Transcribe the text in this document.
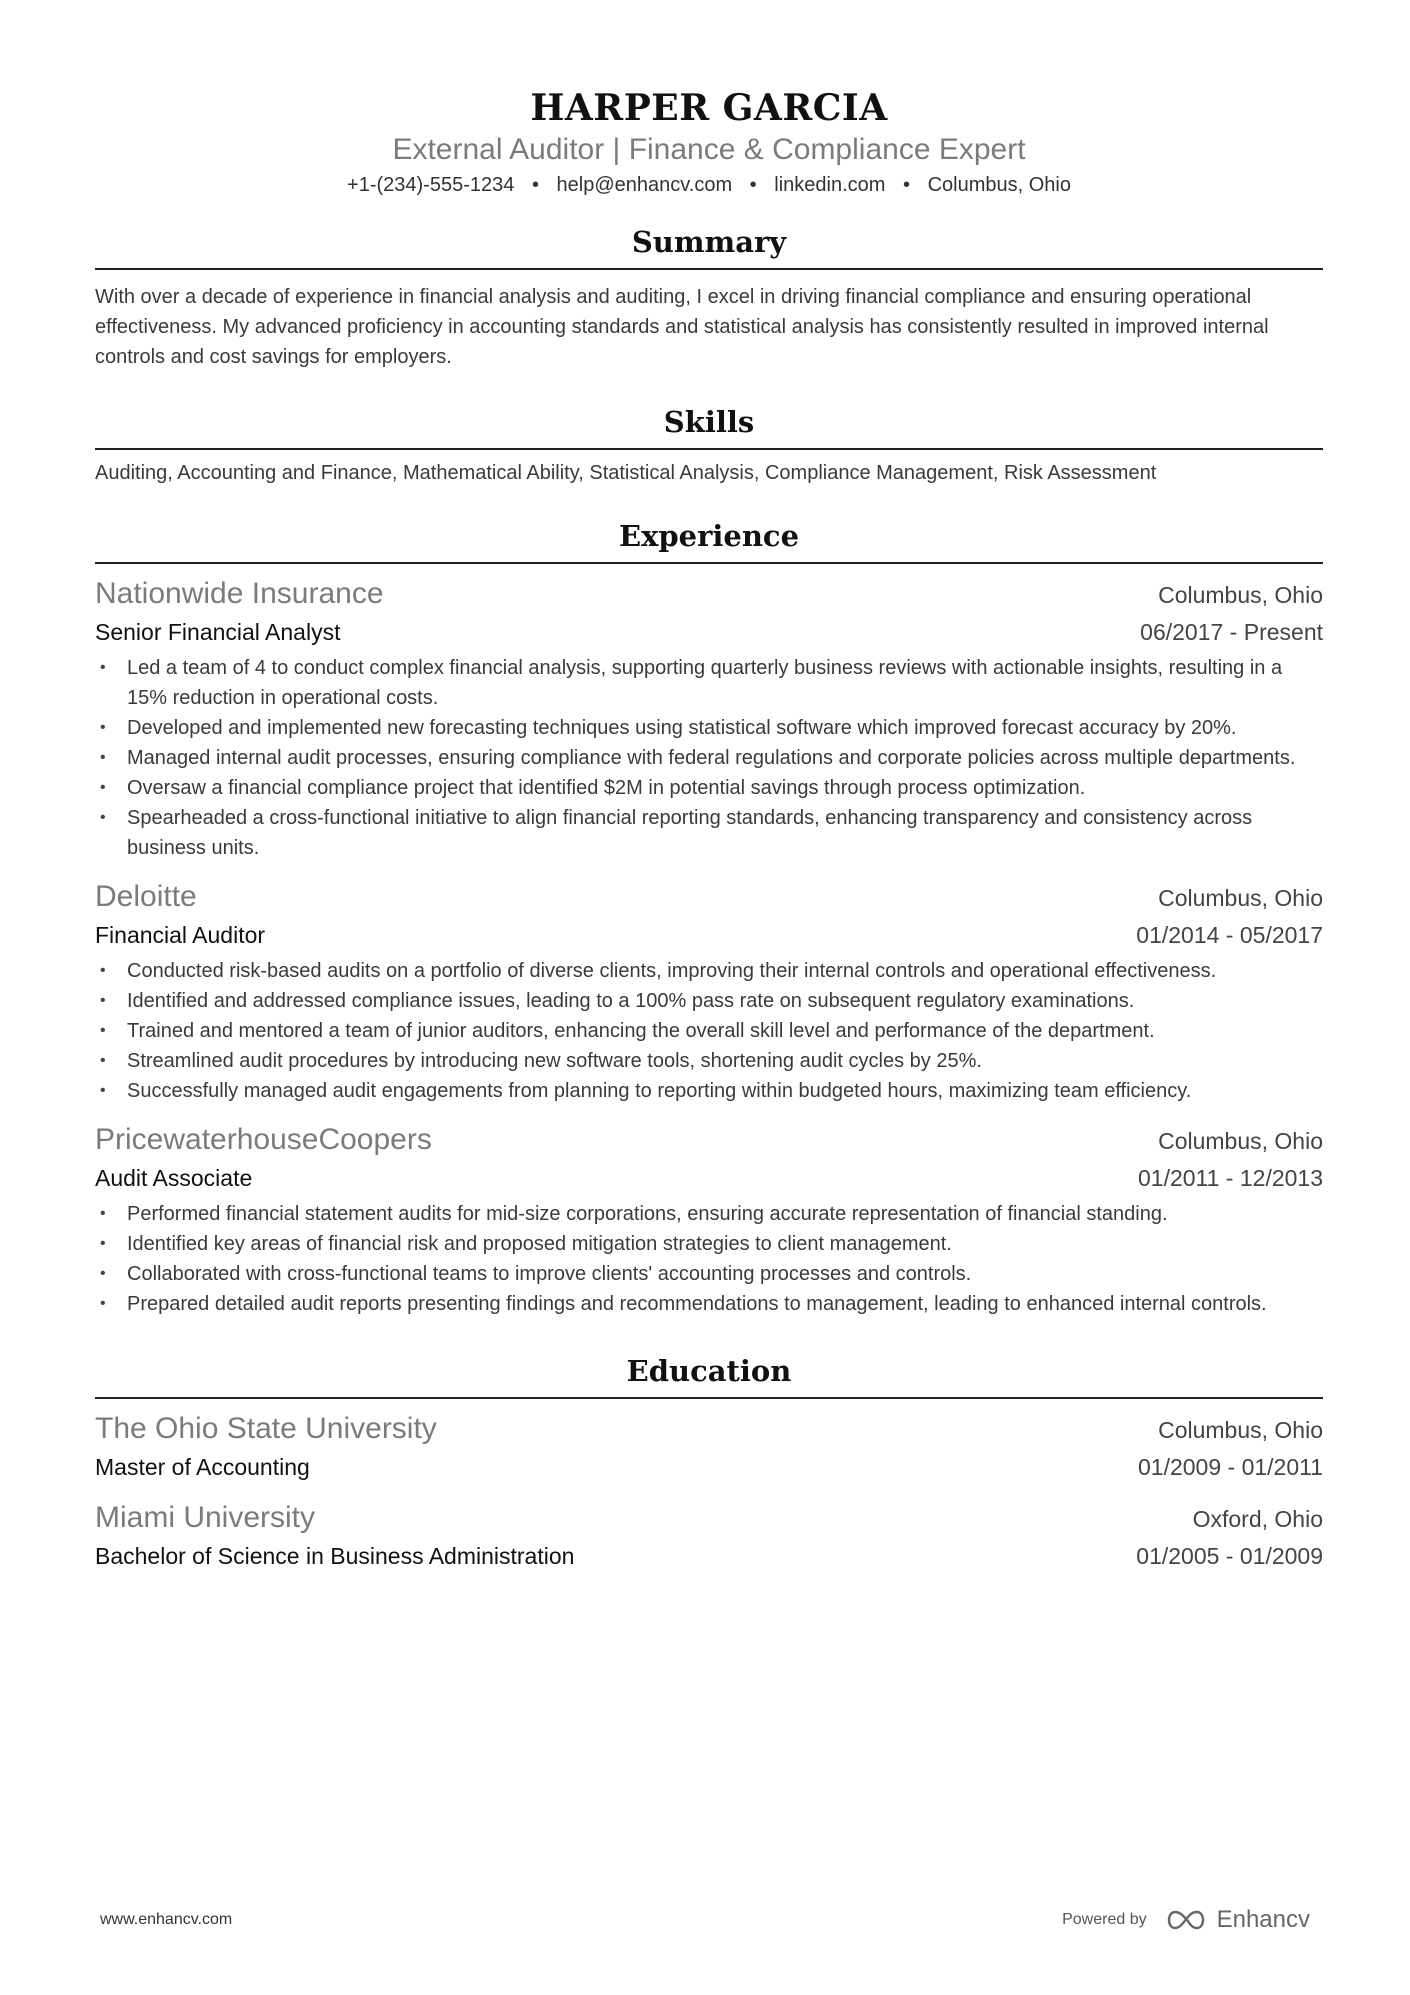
HARPER GARCIA
External Auditor | Finance & Compliance Expert
+1-(234)-555-1234 • help@enhancv.com • linkedin.com • Columbus, Ohio
Summary
With over a decade of experience in financial analysis and auditing, I excel in driving financial compliance and ensuring operational effectiveness. My advanced proficiency in accounting standards and statistical analysis has consistently resulted in improved internal controls and cost savings for employers.
Skills
Auditing, Accounting and Finance, Mathematical Ability, Statistical Analysis, Compliance Management, Risk Assessment
Experience
Nationwide Insurance	Columbus, Ohio
Senior Financial Analyst	06/2017 - Present
• Led a team of 4 to conduct complex financial analysis, supporting quarterly business reviews with actionable insights, resulting in a 15% reduction in operational costs.
• Developed and implemented new forecasting techniques using statistical software which improved forecast accuracy by 20%.
• Managed internal audit processes, ensuring compliance with federal regulations and corporate policies across multiple departments.
• Oversaw a financial compliance project that identified $2M in potential savings through process optimization.
• Spearheaded a cross-functional initiative to align financial reporting standards, enhancing transparency and consistency across business units.
Deloitte	Columbus, Ohio
Financial Auditor	01/2014 - 05/2017
• Conducted risk-based audits on a portfolio of diverse clients, improving their internal controls and operational effectiveness.
• Identified and addressed compliance issues, leading to a 100% pass rate on subsequent regulatory examinations.
• Trained and mentored a team of junior auditors, enhancing the overall skill level and performance of the department.
• Streamlined audit procedures by introducing new software tools, shortening audit cycles by 25%.
• Successfully managed audit engagements from planning to reporting within budgeted hours, maximizing team efficiency.
PricewaterhouseCoopers	Columbus, Ohio
Audit Associate	01/2011 - 12/2013
• Performed financial statement audits for mid-size corporations, ensuring accurate representation of financial standing.
• Identified key areas of financial risk and proposed mitigation strategies to client management.
• Collaborated with cross-functional teams to improve clients' accounting processes and controls.
• Prepared detailed audit reports presenting findings and recommendations to management, leading to enhanced internal controls.
Education
The Ohio State University	Columbus, Ohio
Master of Accounting	01/2009 - 01/2011
Miami University	Oxford, Ohio
Bachelor of Science in Business Administration	01/2005 - 01/2009
www.enhancv.com	Powered by	Enhancv
